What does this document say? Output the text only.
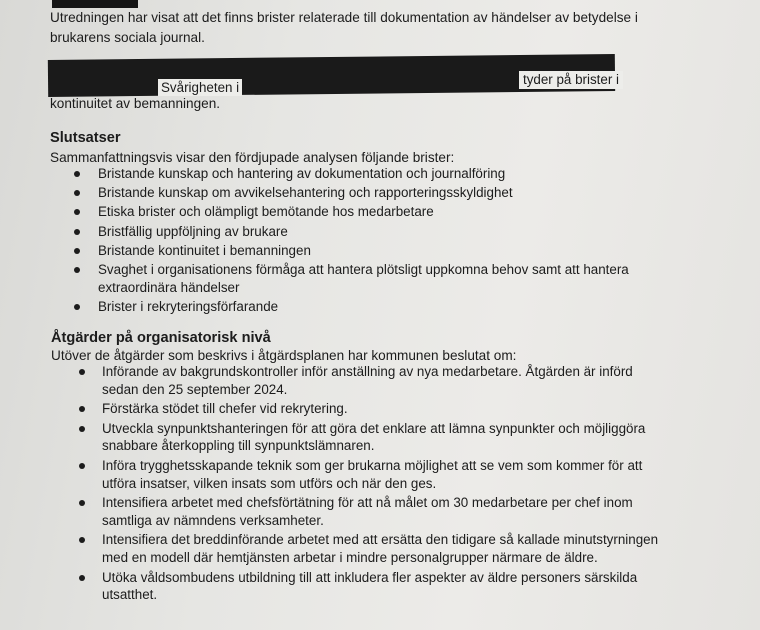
Utredningen har visat att det finns brister relaterade till dokumentation av händelser av betydelse i
brukarens sociala journal.
Svårigheten i
tyder på brister i
kontinuitet av bemanningen.
Slutsatser
Sammanfattningsvis visar den fördjupade analysen följande brister:
Bristande kunskap och hantering av dokumentation och journalföring
Bristande kunskap om avvikelsehantering och rapporteringsskyldighet
Etiska brister och olämpligt bemötande hos medarbetare
Bristfällig uppföljning av brukare
Bristande kontinuitet i bemanningen
Svaghet i organisationens förmåga att hantera plötsligt uppkomna behov samt att hantera
extraordinära händelser
Brister i rekryteringsförfarande
Åtgärder på organisatorisk nivå
Utöver de åtgärder som beskrivs i åtgärdsplanen har kommunen beslutat om:
Införande av bakgrundskontroller inför anställning av nya medarbetare. Åtgärden är införd
sedan den 25 september 2024.
Förstärka stödet till chefer vid rekrytering.
Utveckla synpunktshanteringen för att göra det enklare att lämna synpunkter och möjliggöra
snabbare återkoppling till synpunktslämnaren.
Införa trygghetsskapande teknik som ger brukarna möjlighet att se vem som kommer för att
utföra insatser, vilken insats som utförs och när den ges.
Intensifiera arbetet med chefsförtätning för att nå målet om 30 medarbetare per chef inom
samtliga av nämndens verksamheter.
Intensifiera det breddinförande arbetet med att ersätta den tidigare så kallade minutstyrningen
med en modell där hemtjänsten arbetar i mindre personalgrupper närmare de äldre.
Utöka våldsombudens utbildning till att inkludera fler aspekter av äldre personers särskilda
utsatthet.
